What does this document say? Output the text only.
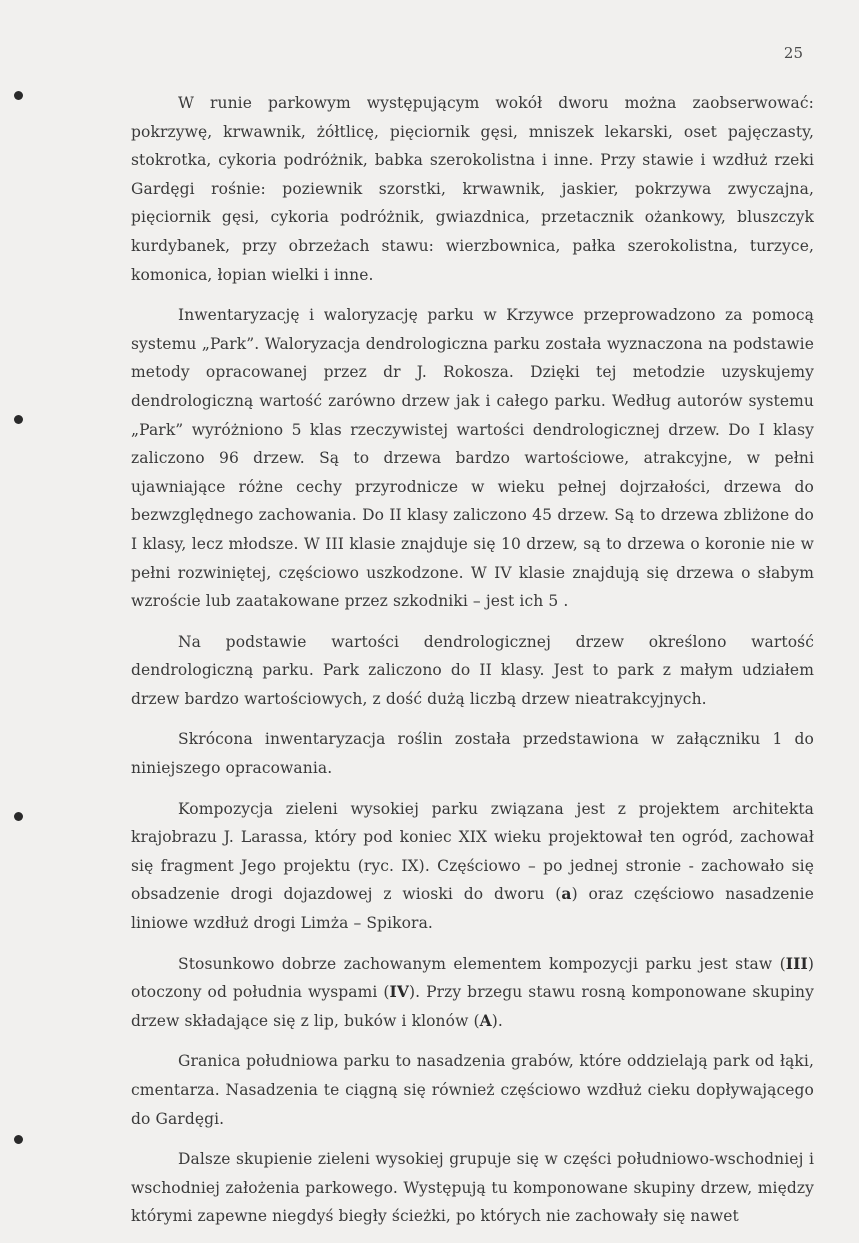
25

W runie parkowym występującym wokół dworu można zaobserwować: pokrzywę, krwawnik, żółtlicę, pięciornik gęsi, mniszek lekarski, oset pajęczasty, stokrotka, cykoria podróżnik, babka szerokolistna i inne. Przy stawie i wzdłuż rzeki Gardęgi rośnie: poziewnik szorstki, krwawnik, jaskier, pokrzywa zwyczajna, pięciornik gęsi, cykoria podróżnik, gwiazdnica, przetacznik ożankowy, bluszczyk kurdybanek, przy obrzeżach stawu: wierzbownica, pałka szerokolistna, turzyce, komonica, łopian wielki i inne.

Inwentaryzację i waloryzację parku w Krzywce przeprowadzono za pomocą systemu „Park”. Waloryzacja dendrologiczna parku została wyznaczona na podstawie metody opracowanej przez dr J. Rokosza. Dzięki tej metodzie uzyskujemy dendrologiczną wartość zarówno drzew jak i całego parku. Według autorów systemu „Park” wyróżniono 5 klas rzeczywistej wartości dendrologicznej drzew. Do I klasy zaliczono 96 drzew. Są to drzewa bardzo wartościowe, atrakcyjne, w pełni ujawniające różne cechy przyrodnicze w wieku pełnej dojrzałości, drzewa do bezwzględnego zachowania. Do II klasy zaliczono 45 drzew. Są to drzewa zbliżone do I klasy, lecz młodsze. W III klasie znajduje się 10 drzew, są to drzewa o koronie nie w pełni rozwiniętej, częściowo uszkodzone. W IV klasie znajdują się drzewa o słabym wzroście lub zaatakowane przez szkodniki – jest ich 5 .

Na podstawie wartości dendrologicznej drzew określono wartość dendrologiczną parku. Park zaliczono do II klasy. Jest to park z małym udziałem drzew bardzo wartościowych, z dość dużą liczbą drzew nieatrakcyjnych.

Skrócona inwentaryzacja roślin została przedstawiona w załączniku 1 do niniejszego opracowania.

Kompozycja zieleni wysokiej parku związana jest z projektem architekta krajobrazu J. Larassa, który pod koniec XIX wieku projektował ten ogród, zachował się fragment Jego projektu (ryc. IX). Częściowo – po jednej stronie - zachowało się obsadzenie drogi dojazdowej z wioski do dworu (a) oraz częściowo nasadzenie liniowe wzdłuż drogi Limża – Spikora.

Stosunkowo dobrze zachowanym elementem kompozycji parku jest staw (III) otoczony od południa wyspami (IV). Przy brzegu stawu rosną komponowane skupiny drzew składające się z lip, buków i klonów (A).

Granica południowa parku to nasadzenia grabów, które oddzielają park od łąki, cmentarza. Nasadzenia te ciągną się również częściowo wzdłuż cieku dopływającego do Gardęgi.

Dalsze skupienie zieleni wysokiej grupuje się w części południowo-wschodniej i wschodniej założenia parkowego. Występują tu komponowane skupiny drzew, między którymi zapewne niegdyś biegły ścieżki, po których nie zachowały się nawet
